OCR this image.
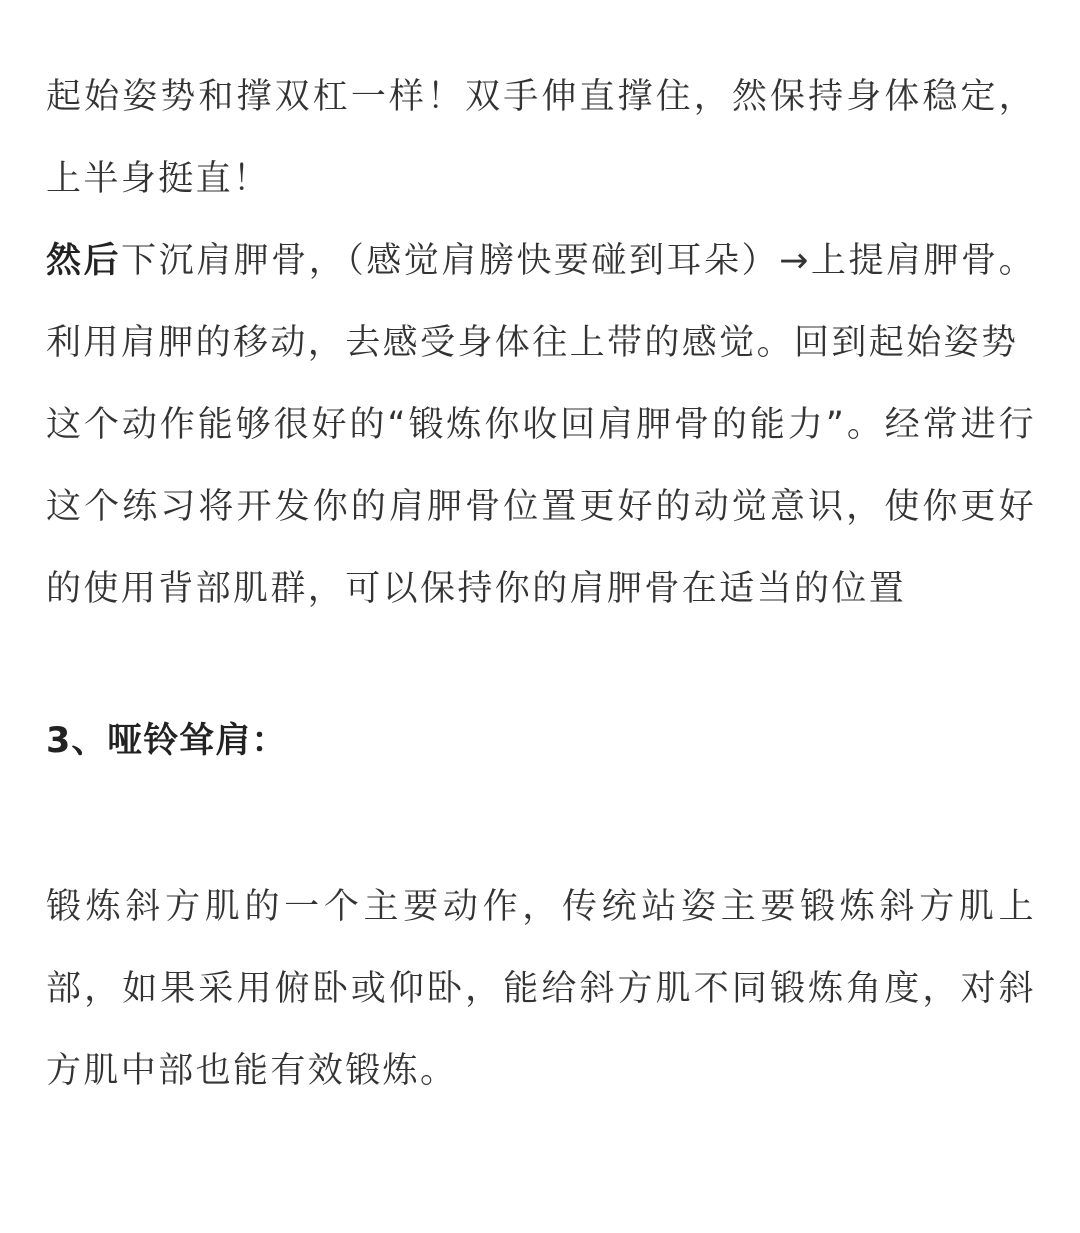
起始姿势和撑双杠一样！双手伸直撑住，然保持身体稳定，上半身挺直！

然后下沉肩胛骨，（感觉肩膀快要碰到耳朵）→上提肩胛骨。利用肩胛的移动，去感受身体往上带的感觉。回到起始姿势

这个动作能够很好的“锻炼你收回肩胛骨的能力”。经常进行这个练习将开发你的肩胛骨位置更好的动觉意识，使你更好的使用背部肌群，可以保持你的肩胛骨在适当的位置

3、哑铃耸肩：

锻炼斜方肌的一个主要动作，传统站姿主要锻炼斜方肌上部，如果采用俯卧或仰卧，能给斜方肌不同锻炼角度，对斜方肌中部也能有效锻炼。
